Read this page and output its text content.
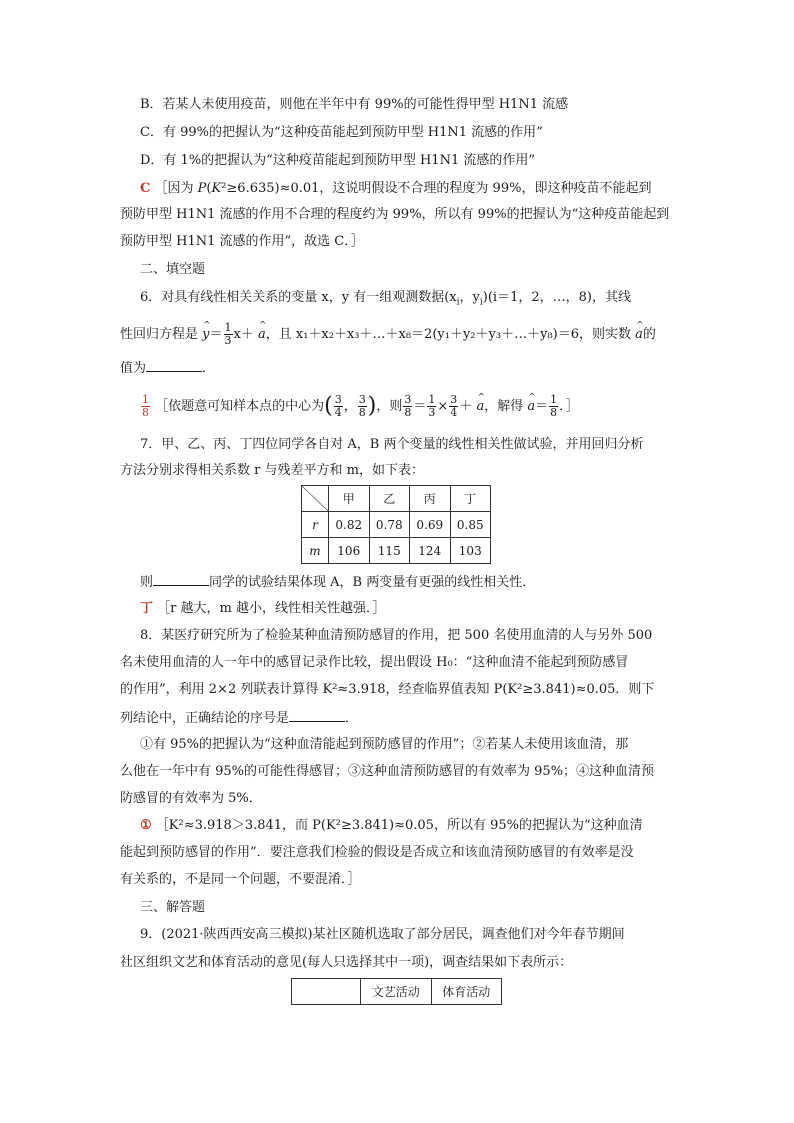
B．若某人未使用疫苗，则他在半年中有 99%的可能性得甲型 H1N1 流感
C．有 99%的把握认为“这种疫苗能起到预防甲型 H1N1 流感的作用”
D．有 1%的把握认为“这种疫苗能起到预防甲型 H1N1 流感的作用”
C ［因为 P(K²≥6.635)≈0.01，这说明假设不合理的程度为 99%，即这种疫苗不能起到
预防甲型 H1N1 流感的作用不合理的程度约为 99%，所以有 99%的把握认为“这种疫苗能起到
预防甲型 H1N1 流感的作用”，故选 C．］
二、填空题
6．对具有线性相关关系的变量 x，y 有一组观测数据($x_i$，$y_i)(i=1$，2，…，8)，其线
性回归方程是 ^ $y= \frac{1}{3} x+$ ^ a，且 x₁＋x₂＋x₃＋…＋x₈＝2(y₁＋y₂＋y₃＋…＋y₈)＝6，则实数 ^ a的
值为	．
$\frac{1}{8}$ ［依题意可知样本点的中心为( $\frac{3}{4}$ ， $\frac{3}{8}$ )，则 $\frac{3}{8} = \frac{1}{3} \times \frac{3}{4}$ ＋ ^ a，解得 ^ $a= \frac{1}{8}$ ．］
7．甲、乙、丙、丁四位同学各自对 A，B 两个变量的线性相关性做试验，并用回归分析
方法分别求得相关系数 r 与残差平方和 m，如下表：
	甲	乙	丙	丁
r	0.82	0.78	0.69	0.85
m	106	115	124	103
则	同学的试验结果体现 A，B 两变量有更强的线性相关性．
丁 ［r 越大，m 越小，线性相关性越强．］
8．某医疗研究所为了检验某种血清预防感冒的作用，把 500 名使用血清的人与另外 500
名未使用血清的人一年中的感冒记录作比较，提出假设 H₀：“这种血清不能起到预防感冒
的作用”，利用 2×2 列联表计算得 K²≈3.918，经查临界值表知 P(K²≥3.841)≈0.05．则下
列结论中，正确结论的序号是	．
①有 95%的把握认为“这种血清能起到预防感冒的作用”；②若某人未使用该血清，那
么他在一年中有 95%的可能性得感冒；③这种血清预防感冒的有效率为 95%；④这种血清预
防感冒的有效率为 5%．
① ［K²≈3.918＞3.841，而 P(K²≥3.841)≈0.05，所以有 95%的把握认为“这种血清
能起到预防感冒的作用”．要注意我们检验的假设是否成立和该血清预防感冒的有效率是没
有关系的，不是同一个问题，不要混淆．］
三、解答题
9．(2021·陕西西安高三模拟)某社区随机选取了部分居民，调查他们对今年春节期间
社区组织文艺和体育活动的意见(每人只选择其中一项)，调查结果如下表所示：
	文艺活动	体育活动
